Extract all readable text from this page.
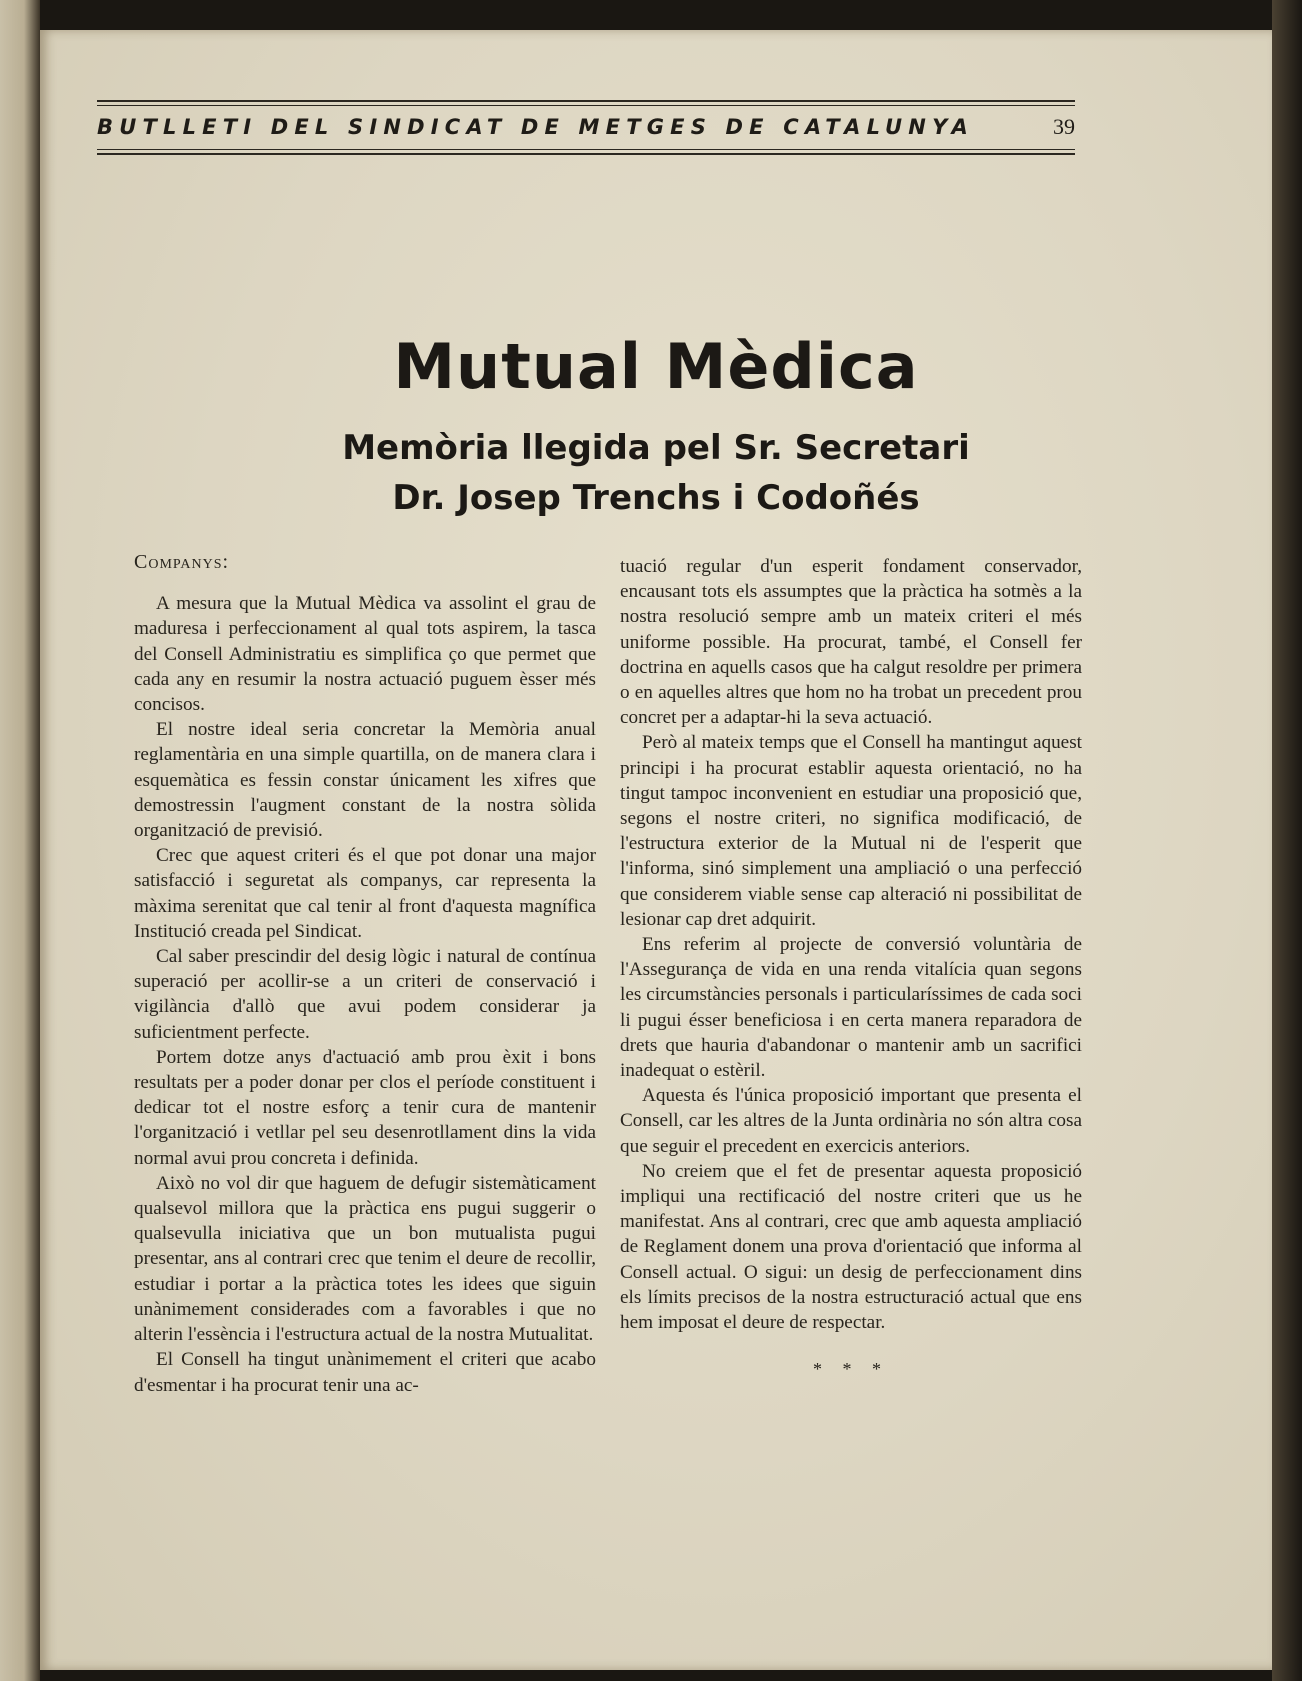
BUTLLETI DEL SINDICAT DE METGES DE CATALUNYA	39
Mutual Mèdica
Memòria llegida pel Sr. Secretari
Dr. Josep Trenchs i Codoñés

Companys:

A mesura que la Mutual Mèdica va assolint el grau de maduresa i perfeccionament al qual tots aspirem, la tasca del Consell Administratiu es simplifica ço que permet que cada any en resumir la nostra actuació puguem èsser més concisos.

El nostre ideal seria concretar la Memòria anual reglamentària en una simple quartilla, on de manera clara i esquemàtica es fessin constar únicament les xifres que demostressin l'augment constant de la nostra sòlida organització de previsió.

Crec que aquest criteri és el que pot donar una major satisfacció i seguretat als companys, car representa la màxima serenitat que cal tenir al front d'aquesta magnífica Institució creada pel Sindicat.

Cal saber prescindir del desig lògic i natural de contínua superació per acollir-se a un criteri de conservació i vigilància d'allò que avui podem considerar ja suficientment perfecte.

Portem dotze anys d'actuació amb prou èxit i bons resultats per a poder donar per clos el període constituent i dedicar tot el nostre esforç a tenir cura de mantenir l'organització i vetllar pel seu desenrotllament dins la vida normal avui prou concreta i definida.

Això no vol dir que haguem de defugir sistemàticament qualsevol millora que la pràctica ens pugui suggerir o qualsevulla iniciativa que un bon mutualista pugui presentar, ans al contrari crec que tenim el deure de recollir, estudiar i portar a la pràctica totes les idees que siguin unànimement considerades com a favorables i que no alterin l'essència i l'estructura actual de la nostra Mutualitat.

El Consell ha tingut unànimement el criteri que acabo d'esmentar i ha procurat tenir una ac-

tuació regular d'un esperit fondament conservador, encausant tots els assumptes que la pràctica ha sotmès a la nostra resolució sempre amb un mateix criteri el més uniforme possible. Ha procurat, també, el Consell fer doctrina en aquells casos que ha calgut resoldre per primera o en aquelles altres que hom no ha trobat un precedent prou concret per a adaptar-hi la seva actuació.

Però al mateix temps que el Consell ha mantingut aquest principi i ha procurat establir aquesta orientació, no ha tingut tampoc inconvenient en estudiar una proposició que, segons el nostre criteri, no significa modificació, de l'estructura exterior de la Mutual ni de l'esperit que l'informa, sinó simplement una ampliació o una perfecció que considerem viable sense cap alteració ni possibilitat de lesionar cap dret adquirit.

Ens referim al projecte de conversió voluntària de l'Assegurança de vida en una renda vitalícia quan segons les circumstàncies personals i particularíssimes de cada soci li pugui ésser beneficiosa i en certa manera reparadora de drets que hauria d'abandonar o mantenir amb un sacrifici inadequat o estèril.

Aquesta és l'única proposició important que presenta el Consell, car les altres de la Junta ordinària no són altra cosa que seguir el precedent en exercicis anteriors.

No creiem que el fet de presentar aquesta proposició impliqui una rectificació del nostre criteri que us he manifestat. Ans al contrari, crec que amb aquesta ampliació de Reglament donem una prova d'orientació que informa al Consell actual. O sigui: un desig de perfeccionament dins els límits precisos de la nostra estructuració actual que ens hem imposat el deure de respectar.

* * *
